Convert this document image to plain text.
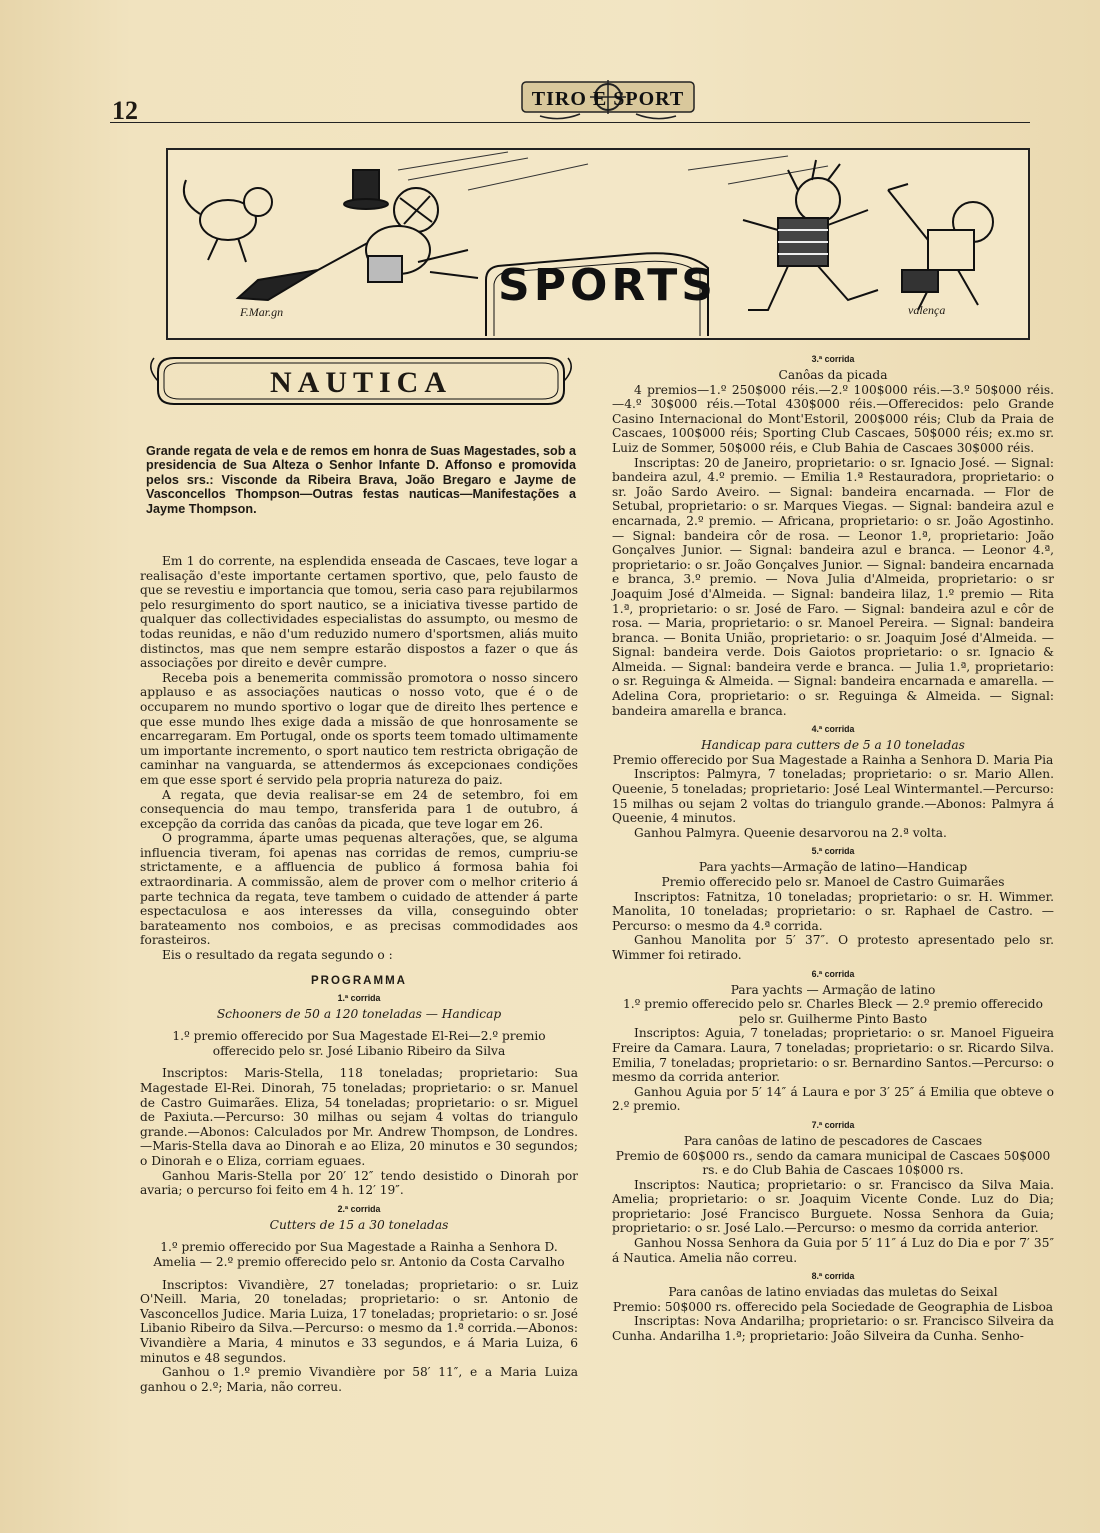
12	TIRO E SPORT
SPORTS
F.Mar.gn	valença
NAUTICA
Grande regata de vela e de remos em honra de Suas Magestades, sob a presidencia de Sua Alteza o Senhor Infante D. Affonso e promovida pelos srs.: Visconde da Ribeira Brava, João Bregaro e Jayme de Vasconcellos Thompson—Outras festas nauticas—Manifestações a Jayme Thompson.

Em 1 do corrente, na esplendida enseada de Cascaes, teve logar a realisação d'este importante certamen sportivo, que, pelo fausto de que se revestiu e importancia que tomou, seria caso para rejubilarmos pelo resurgimento do sport nautico, se a iniciativa tivesse partido de qualquer das collectividades especialistas do assumpto, ou mesmo de todas reunidas, e não d'um reduzido numero d'sportsmen, aliás muito distinctos, mas que nem sempre estarão dispostos a fazer o que ás associações por direito e devêr cumpre.

Receba pois a benemerita commissão promotora o nosso sincero applauso e as associações nauticas o nosso voto, que é o de occuparem no mundo sportivo o logar que de direito lhes pertence e que esse mundo lhes exige dada a missão de que honrosamente se encarregaram. Em Portugal, onde os sports teem tomado ultimamente um importante incremento, o sport nautico tem restricta obrigação de caminhar na vanguarda, se attendermos ás excepcionaes condições em que esse sport é servido pela propria natureza do paiz.

A regata, que devia realisar-se em 24 de setembro, foi em consequencia do mau tempo, transferida para 1 de outubro, á excepção da corrida das canôas da picada, que teve logar em 26.

O programma, áparte umas pequenas alterações, que, se alguma influencia tiveram, foi apenas nas corridas de remos, cumpriu-se strictamente, e a affluencia de publico á formosa bahia foi extraordinaria. A commissão, alem de prover com o melhor criterio á parte technica da regata, teve tambem o cuidado de attender á parte espectaculosa e aos interesses da villa, conseguindo obter barateamento nos comboios, e as precisas commodidades aos forasteiros.

Eis o resultado da regata segundo o :

PROGRAMMA
1.ª corrida

Schooners de 50 a 120 toneladas — Handicap

1.º premio offerecido por Sua Magestade El-Rei—2.º premio offerecido pelo sr. José Libanio Ribeiro da Silva

Inscriptos: Maris-Stella, 118 toneladas; proprietario: Sua Magestade El-Rei. Dinorah, 75 toneladas; proprietario: o sr. Manuel de Castro Guimarães. Eliza, 54 toneladas; proprietario: o sr. Miguel de Paxiuta.—Percurso: 30 milhas ou sejam 4 voltas do triangulo grande.—Abonos: Calculados por Mr. Andrew Thompson, de Londres.—Maris-Stella dava ao Dinorah e ao Eliza, 20 minutos e 30 segundos; o Dinorah e o Eliza, corriam eguaes.

Ganhou Maris-Stella por 20′ 12″ tendo desistido o Dinorah por avaria; o percurso foi feito em 4 h. 12′ 19″.

2.ª corrida

Cutters de 15 a 30 toneladas

1.º premio offerecido por Sua Magestade a Rainha a Senhora D. Amelia — 2.º premio offerecido pelo sr. Antonio da Costa Carvalho

Inscriptos: Vivandière, 27 toneladas; proprietario: o sr. Luiz O'Neill. Maria, 20 toneladas; proprietario: o sr. Antonio de Vasconcellos Judice. Maria Luiza, 17 toneladas; proprietario: o sr. José Libanio Ribeiro da Silva.—Percurso: o mesmo da 1.ª corrida.—Abonos: Vivandière a Maria, 4 minutos e 33 segundos, e á Maria Luiza, 6 minutos e 48 segundos.

Ganhou o 1.º premio Vivandière por 58′ 11″, e a Maria Luiza ganhou o 2.º; Maria, não correu.

3.ª corrida

Canôas da picada

4 premios—1.º 250$000 réis.—2.º 100$000 réis.—3.º 50$000 réis.—4.º 30$000 réis.—Total 430$000 réis.—Offerecidos: pelo Grande Casino Internacional do Mont'Estoril, 200$000 réis; Club da Praia de Cascaes, 100$000 réis; Sporting Club Cascaes, 50$000 réis; ex.mo sr. Luiz de Sommer, 50$000 réis, e Club Bahia de Cascaes 30$000 réis.

Inscriptas: 20 de Janeiro, proprietario: o sr. Ignacio José. — Signal: bandeira azul, 4.º premio. — Emilia 1.ª Restauradora, proprietario: o sr. João Sardo Aveiro. — Signal: bandeira encarnada. — Flor de Setubal, proprietario: o sr. Marques Viegas. — Signal: bandeira azul e encarnada, 2.º premio. — Africana, proprietario: o sr. João Agostinho. — Signal: bandeira côr de rosa. — Leonor 1.ª, proprietario: João Gonçalves Junior. — Signal: bandeira azul e branca. — Leonor 4.ª, proprietario: o sr. João Gonçalves Junior. — Signal: bandeira encarnada e branca, 3.º premio. — Nova Julia d'Almeida, proprietario: o sr Joaquim José d'Almeida. — Signal: bandeira lilaz, 1.º premio — Rita 1.ª, proprietario: o sr. José de Faro. — Signal: bandeira azul e côr de rosa. — Maria, proprietario: o sr. Manoel Pereira. — Signal: bandeira branca. — Bonita União, proprietario: o sr. Joaquim José d'Almeida. — Signal: bandeira verde. Dois Gaiotos proprietario: o sr. Ignacio & Almeida. — Signal: bandeira verde e branca. — Julia 1.ª, proprietario: o sr. Reguinga & Almeida. — Signal: bandeira encarnada e amarella. — Adelina Cora, proprietario: o sr. Reguinga & Almeida. — Signal: bandeira amarella e branca.

4.ª corrida

Handicap para cutters de 5 a 10 toneladas

Premio offerecido por Sua Magestade a Rainha a Senhora D. Maria Pia

Inscriptos: Palmyra, 7 toneladas; proprietario: o sr. Mario Allen. Queenie, 5 toneladas; proprietario: José Leal Wintermantel.—Percurso: 15 milhas ou sejam 2 voltas do triangulo grande.—Abonos: Palmyra á Queenie, 4 minutos.

Ganhou Palmyra. Queenie desarvorou na 2.ª volta.

5.ª corrida

Para yachts—Armação de latino—Handicap

Premio offerecido pelo sr. Manoel de Castro Guimarães

Inscriptos: Fatnitza, 10 toneladas; proprietario: o sr. H. Wimmer. Manolita, 10 toneladas; proprietario: o sr. Raphael de Castro. — Percurso: o mesmo da 4.ª corrida.

Ganhou Manolita por 5′ 37″. O protesto apresentado pelo sr. Wimmer foi retirado.

6.ª corrida

Para yachts — Armação de latino

1.º premio offerecido pelo sr. Charles Bleck — 2.º premio offerecido pelo sr. Guilherme Pinto Basto

Inscriptos: Aguia, 7 toneladas; proprietario: o sr. Manoel Figueira Freire da Camara. Laura, 7 toneladas; proprietario: o sr. Ricardo Silva. Emilia, 7 toneladas; proprietario: o sr. Bernardino Santos.—Percurso: o mesmo da corrida anterior.

Ganhou Aguia por 5′ 14″ á Laura e por 3′ 25″ á Emilia que obteve o 2.º premio.

7.ª corrida

Para canôas de latino de pescadores de Cascaes

Premio de 60$000 rs., sendo da camara municipal de Cascaes 50$000 rs. e do Club Bahia de Cascaes 10$000 rs.

Inscriptos: Nautica; proprietario: o sr. Francisco da Silva Maia. Amelia; proprietario: o sr. Joaquim Vicente Conde. Luz do Dia; proprietario: José Francisco Burguete. Nossa Senhora da Guia; proprietario: o sr. José Lalo.—Percurso: o mesmo da corrida anterior.

Ganhou Nossa Senhora da Guia por 5′ 11″ á Luz do Dia e por 7′ 35″ á Nautica. Amelia não correu.

8.ª corrida

Para canôas de latino enviadas das muletas do Seixal

Premio: 50$000 rs. offerecido pela Sociedade de Geographia de Lisboa

Inscriptas: Nova Andarilha; proprietario: o sr. Francisco Silveira da Cunha. Andarilha 1.ª; proprietario: João Silveira da Cunha. Senho-
